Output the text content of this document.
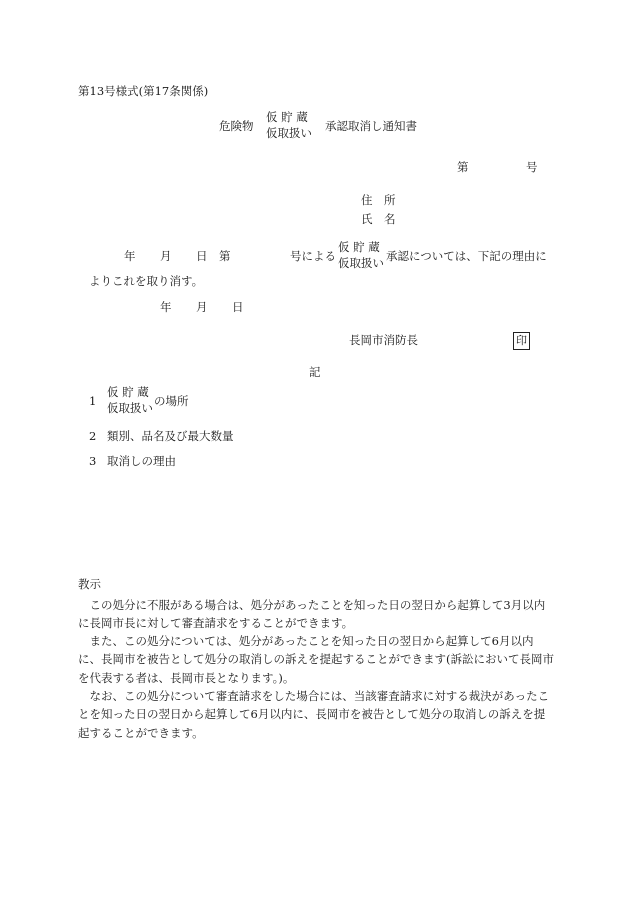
第13号様式(第17条関係)
危険物
仮 貯 蔵
仮取扱い 承認取消し通知書
第	号
住　所
氏　名
年 月 日 第	号による
仮 貯 蔵
仮取扱い 承認については、下記の理由に
よりこれを取り消す。
年 月 日
長岡市消防長	印
記
1
仮 貯 蔵
仮取扱い の場所
2 類別、品名及び最大数量
3 取消しの理由
教示
この処分に不服がある場合は、処分があったことを知った日の翌日から起算して3月以内に長岡市長に対して審査請求をすることができます。
また、この処分については、処分があったことを知った日の翌日から起算して6月以内に、長岡市を被告として処分の取消しの訴えを提起することができます(訴訟において長岡市を代表する者は、長岡市長となります。)。
なお、この処分について審査請求をした場合には、当該審査請求に対する裁決があったことを知った日の翌日から起算して6月以内に、長岡市を被告として処分の取消しの訴えを提起することができます。
